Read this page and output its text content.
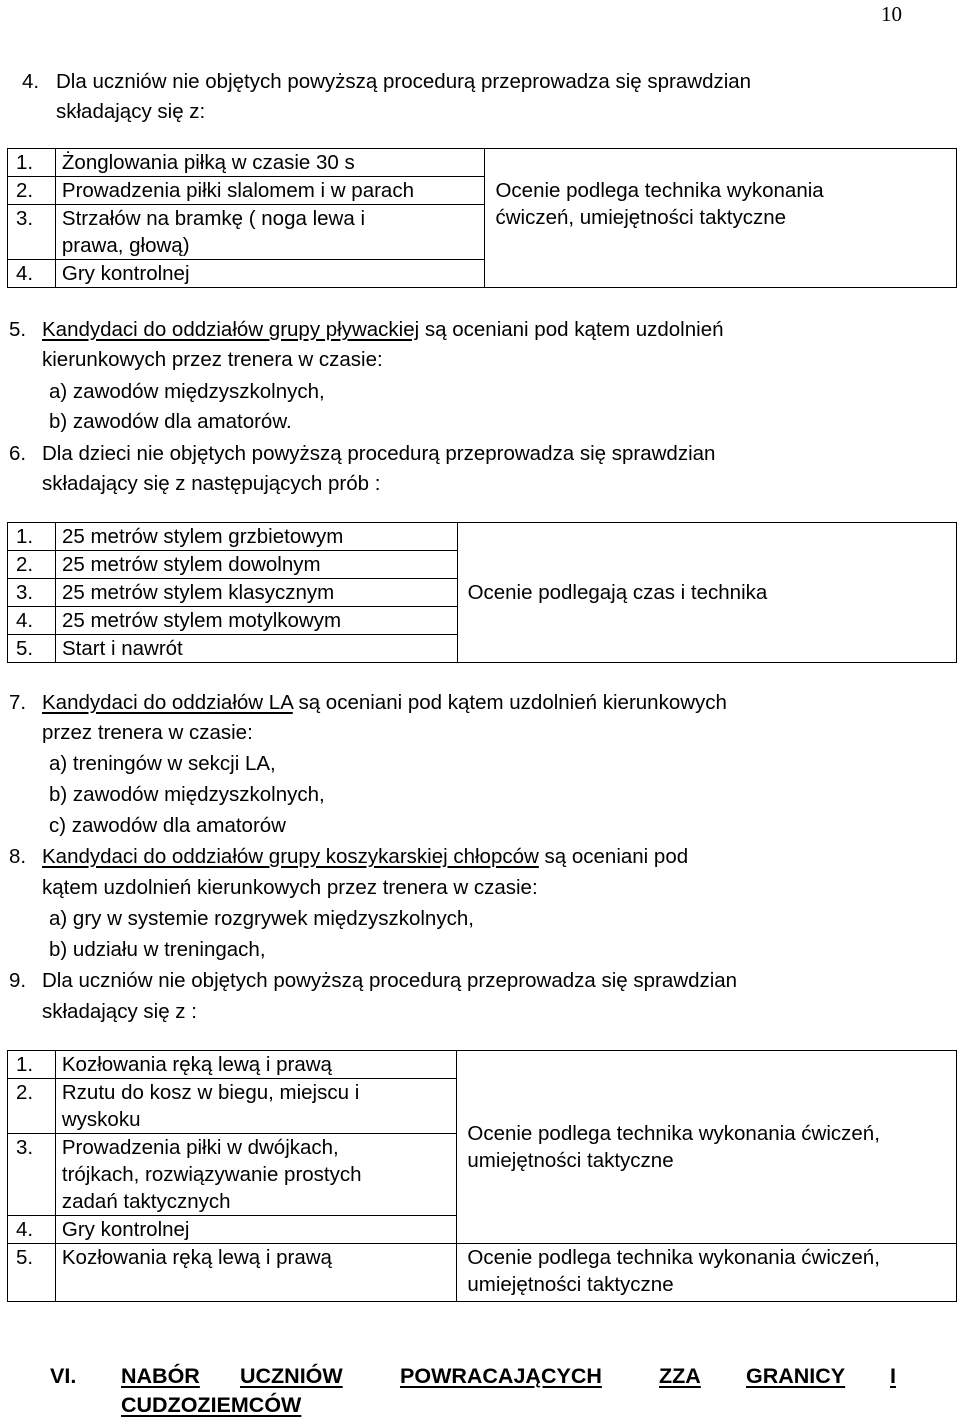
10
4. Dla uczniów nie objętych powyższą procedurą przeprowadza się sprawdzian
składający się z:
1.	Żonglowania piłką w czasie 30 s	Ocenie podlega technika wykonania
ćwiczeń, umiejętności taktyczne

2.	Prowadzenia piłki slalomem i w parach	
3.	Strzałów na bramkę ( noga lewa i
prawa, głową)	

4.	Gry kontrolnej	
5. Kandydaci do oddziałów grupy pływackiej są oceniani pod kątem uzdolnień
kierunkowych przez trenera w czasie:
a) zawodów międzyszkolnych,
b) zawodów dla amatorów.
6. Dla dzieci nie objętych powyższą procedurą przeprowadza się sprawdzian
składający się z następujących prób :
1.	25 metrów stylem grzbietowym	Ocenie podlegają czas i technika
2.	25 metrów stylem dowolnym	
3.	25 metrów stylem klasycznym	
4.	25 metrów stylem motylkowym	
5.	Start i nawrót	
7. Kandydaci do oddziałów LA są oceniani pod kątem uzdolnień kierunkowych
przez trenera w czasie:
a) treningów w sekcji LA,
b) zawodów międzyszkolnych,
c) zawodów dla amatorów
8. Kandydaci do oddziałów grupy koszykarskiej chłopców są oceniani pod
kątem uzdolnień kierunkowych przez trenera w czasie:
a) gry w systemie rozgrywek międzyszkolnych,
b) udziału w treningach,
9. Dla uczniów nie objętych powyższą procedurą przeprowadza się sprawdzian
składający się z :
1.	Kozłowania ręką lewą i prawą	Ocenie podlega technika wykonania ćwiczeń,
umiejętności taktyczne

2.	Rzutu do kosz w biegu, miejscu i
wyskoku	

3.	Prowadzenia piłki w dwójkach,
trójkach, rozwiązywanie prostych
zadań taktycznych	

4.	Gry kontrolnej	
5.	Kozłowania ręką lewą i prawą	Ocenie podlega technika wykonania ćwiczeń,
umiejętności taktyczne
VI. NABÓR UCZNIÓW	POWRACAJĄCYCH	ZZA GRANICY I
CUDZOZIEMCÓW
